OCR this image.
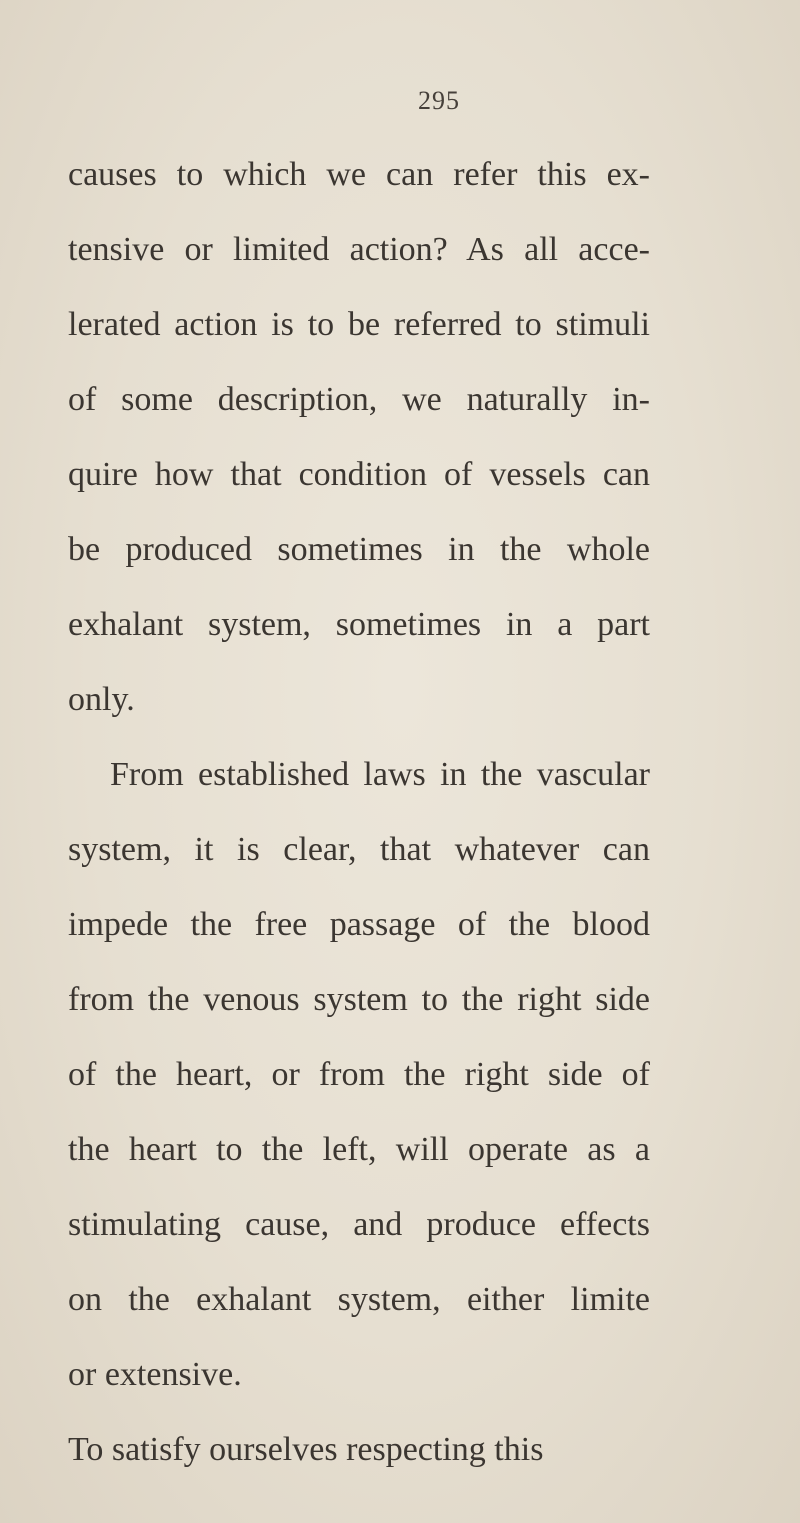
295
causes to which we can refer this ex-
tensive or limited action? As all acce-
lerated action is to be referred to stimuli
of some description, we naturally in-
quire how that condition of vessels can
be produced sometimes in the whole
exhalant system, sometimes in a part
only.
From established laws in the vascular
system, it is clear, that whatever can
impede the free passage of the blood
from the venous system to the right side
of the heart, or from the right side of
the heart to the left, will operate as a
stimulating cause, and produce effects
on the exhalant system, either limite
or extensive.
To satisfy ourselves respecting this
